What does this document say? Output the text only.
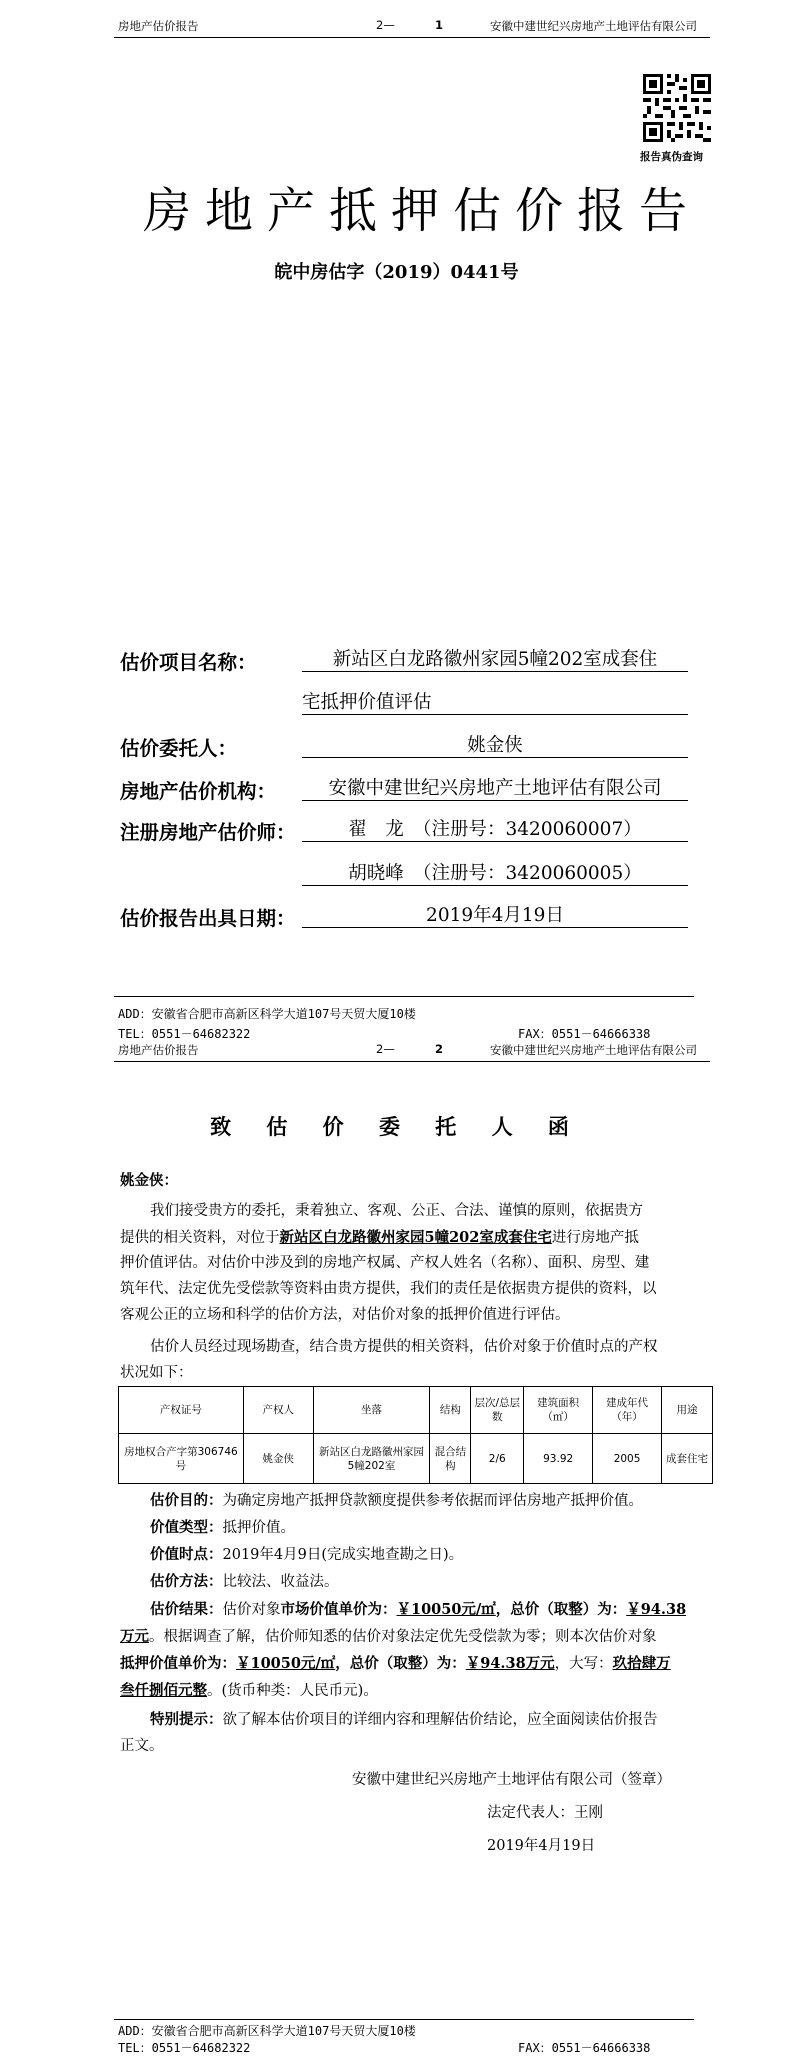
房地产估价报告	2—	1	安徽中建世纪兴房地产土地评估有限公司
报告真伪查询
房地产抵押估价报告
皖中房估字（2019）0441号
估价项目名称：	新站区白龙路徽州家园5幢202室成套住
宅抵押价值评估
估价委托人：	姚金侠
房地产估价机构：	安徽中建世纪兴房地产土地评估有限公司
注册房地产估价师：	翟　龙　（注册号：3420060007）
胡晓峰　（注册号：3420060005）
估价报告出具日期：	2019年4月19日
ADD：安徽省合肥市高新区科学大道107号天贸大厦10楼
TEL：0551－64682322	FAX：0551－64666338
房地产估价报告	2—	2	安徽中建世纪兴房地产土地评估有限公司
致 估 价 委 托 人 函
姚金侠：
我们接受贵方的委托，秉着独立、客观、公正、合法、谨慎的原则，依据贵方
提供的相关资料，对位于新站区白龙路徽州家园5幢202室成套住宅进行房地产抵
押价值评估。对估价中涉及到的房地产权属、产权人姓名（名称）、面积、房型、建
筑年代、法定优先受偿款等资料由贵方提供，我们的责任是依据贵方提供的资料，以
客观公正的立场和科学的估价方法，对估价对象的抵押价值进行评估。
估价人员经过现场勘查，结合贵方提供的相关资料，估价对象于价值时点的产权
状况如下：
产权证号	产权人	坐落	结构	层次/总层数	建筑面积（㎡）	建成年代（年）	用途
房地权合产字第306746号	姚金侠	新站区白龙路徽州家园5幢202室	混合结构	2/6	93.92	2005	成套住宅
估价目的：为确定房地产抵押贷款额度提供参考依据而评估房地产抵押价值。
价值类型：抵押价值。
价值时点：2019年4月9日(完成实地查勘之日)。
估价方法：比较法、收益法。
估价结果：估价对象市场价值单价为：￥10050元/㎡，总价（取整）为：￥94.38
万元。根据调查了解，估价师知悉的估价对象法定优先受偿款为零；则本次估价对象
抵押价值单价为：￥10050元/㎡，总价（取整）为：￥94.38万元，大写：玖拾肆万
叁仟捌佰元整。(货币种类：人民币元)。
特别提示：欲了解本估价项目的详细内容和理解估价结论，应全面阅读估价报告
正文。
安徽中建世纪兴房地产土地评估有限公司（签章）
法定代表人：王刚
2019年4月19日
ADD：安徽省合肥市高新区科学大道107号天贸大厦10楼
TEL：0551－64682322	FAX：0551－64666338
